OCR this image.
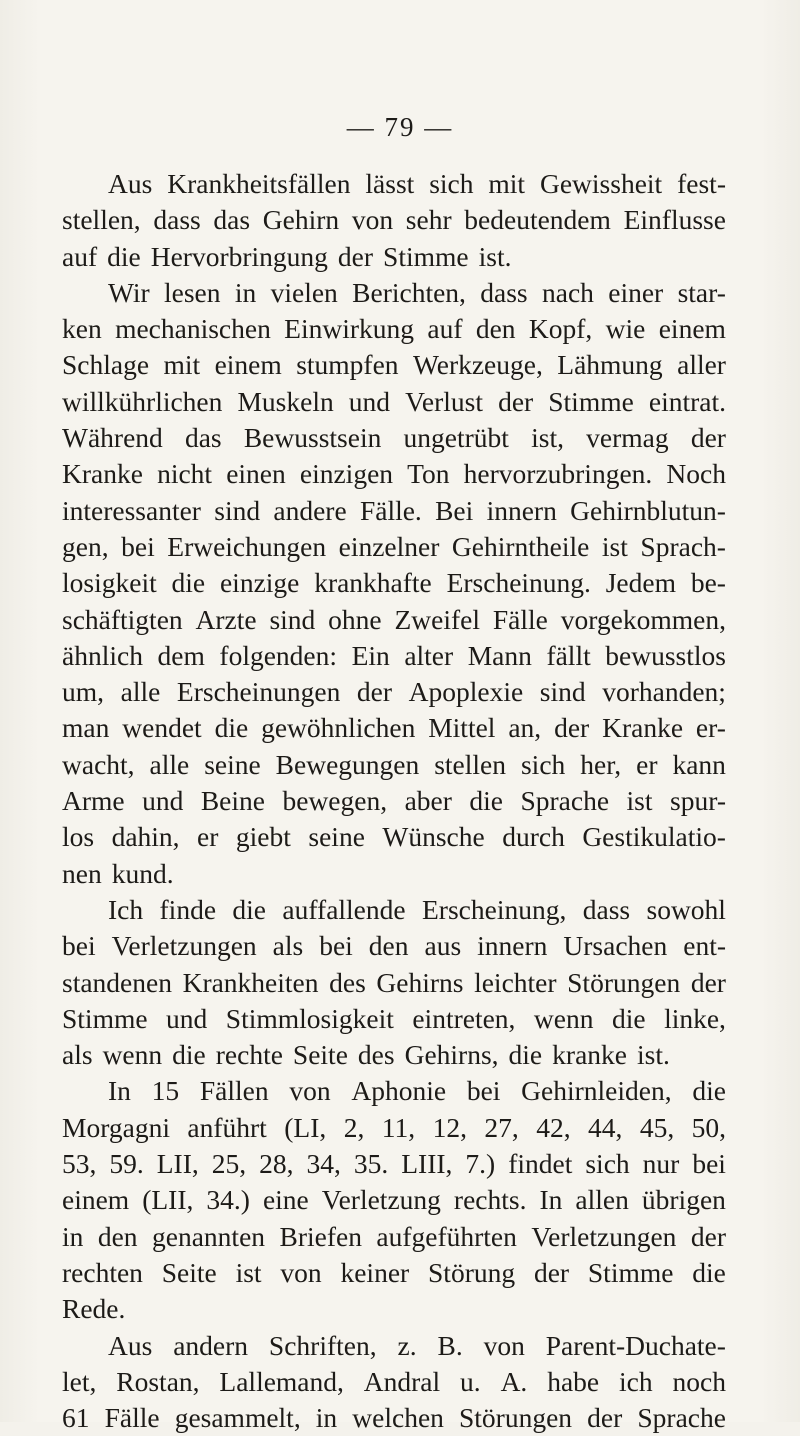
— 79 —
Aus Krankheitsfällen lässt sich mit Gewissheit fest-
stellen, dass das Gehirn von sehr bedeutendem Einflusse
auf die Hervorbringung der Stimme ist.
Wir lesen in vielen Berichten, dass nach einer star-
ken mechanischen Einwirkung auf den Kopf, wie einem
Schlage mit einem stumpfen Werkzeuge, Lähmung aller
willkührlichen Muskeln und Verlust der Stimme eintrat.
Während das Bewusstsein ungetrübt ist, vermag der
Kranke nicht einen einzigen Ton hervorzubringen. Noch
interessanter sind andere Fälle. Bei innern Gehirnblutun-
gen, bei Erweichungen einzelner Gehirntheile ist Sprach-
losigkeit die einzige krankhafte Erscheinung. Jedem be-
schäftigten Arzte sind ohne Zweifel Fälle vorgekommen,
ähnlich dem folgenden: Ein alter Mann fällt bewusstlos
um, alle Erscheinungen der Apoplexie sind vorhanden;
man wendet die gewöhnlichen Mittel an, der Kranke er-
wacht, alle seine Bewegungen stellen sich her, er kann
Arme und Beine bewegen, aber die Sprache ist spur-
los dahin, er giebt seine Wünsche durch Gestikulatio-
nen kund.
Ich finde die auffallende Erscheinung, dass sowohl
bei Verletzungen als bei den aus innern Ursachen ent-
standenen Krankheiten des Gehirns leichter Störungen der
Stimme und Stimmlosigkeit eintreten, wenn die linke,
als wenn die rechte Seite des Gehirns, die kranke ist.
In 15 Fällen von Aphonie bei Gehirnleiden, die
Morgagni anführt (LI, 2, 11, 12, 27, 42, 44, 45, 50,
53, 59. LII, 25, 28, 34, 35. LIII, 7.) findet sich nur bei
einem (LII, 34.) eine Verletzung rechts. In allen übrigen
in den genannten Briefen aufgeführten Verletzungen der
rechten Seite ist von keiner Störung der Stimme die
Rede.
Aus andern Schriften, z. B. von Parent-Duchate-
let, Rostan, Lallemand, Andral u. A. habe ich noch
61 Fälle gesammelt, in welchen Störungen der Sprache
